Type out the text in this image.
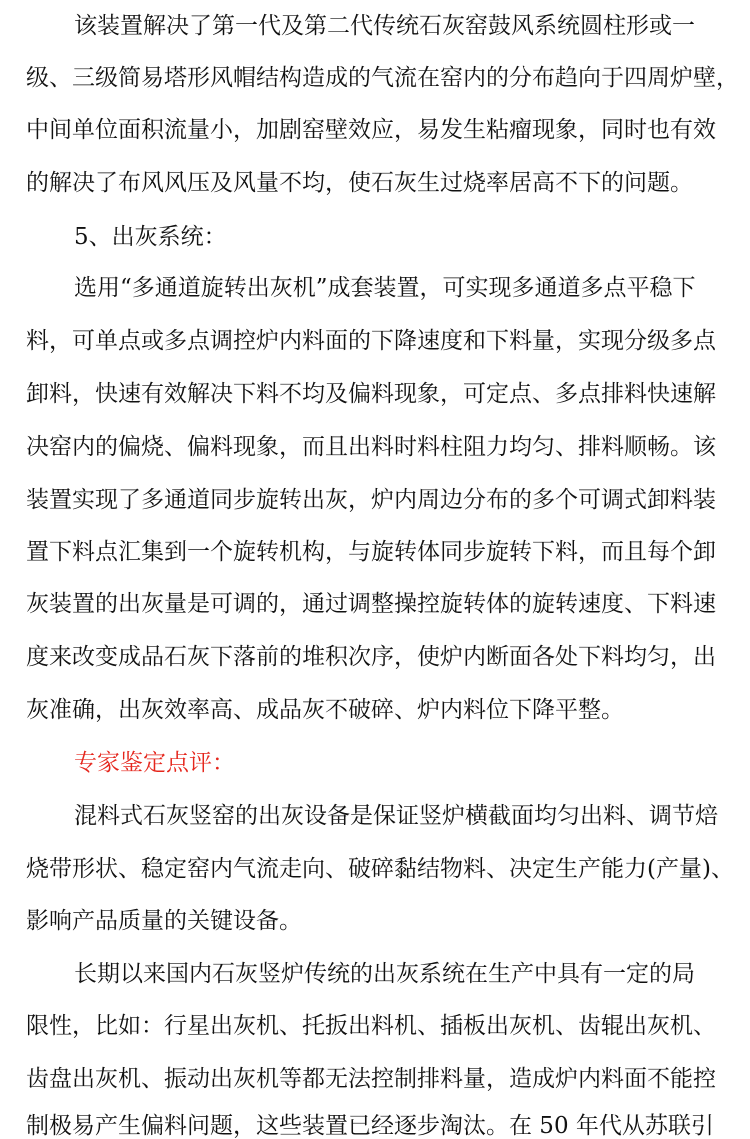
该装置解决了第一代及第二代传统石灰窑鼓风系统圆柱形或一
级、三级简易塔形风帽结构造成的气流在窑内的分布趋向于四周炉壁，
中间单位面积流量小，加剧窑壁效应，易发生粘瘤现象，同时也有效
的解决了布风风压及风量不均，使石灰生过烧率居高不下的问题。
5、出灰系统：
选用“多通道旋转出灰机”成套装置，可实现多通道多点平稳下
料，可单点或多点调控炉内料面的下降速度和下料量，实现分级多点
卸料，快速有效解决下料不均及偏料现象，可定点、多点排料快速解
决窑内的偏烧、偏料现象，而且出料时料柱阻力均匀、排料顺畅。该
装置实现了多通道同步旋转出灰，炉内周边分布的多个可调式卸料装
置下料点汇集到一个旋转机构，与旋转体同步旋转下料，而且每个卸
灰装置的出灰量是可调的，通过调整操控旋转体的旋转速度、下料速
度来改变成品石灰下落前的堆积次序，使炉内断面各处下料均匀，出
灰准确，出灰效率高、成品灰不破碎、炉内料位下降平整。
专家鉴定点评：
混料式石灰竖窑的出灰设备是保证竖炉横截面均匀出料、调节焙
烧带形状、稳定窑内气流走向、破碎黏结物料、决定生产能力(产量)、
影响产品质量的关键设备。
长期以来国内石灰竖炉传统的出灰系统在生产中具有一定的局
限性，比如：行星出灰机、托扳出料机、插板出灰机、齿辊出灰机、
齿盘出灰机、振动出灰机等都无法控制排料量，造成炉内料面不能控
制极易产生偏料问题，这些装置已经逐步淘汰。在 50 年代从苏联引
